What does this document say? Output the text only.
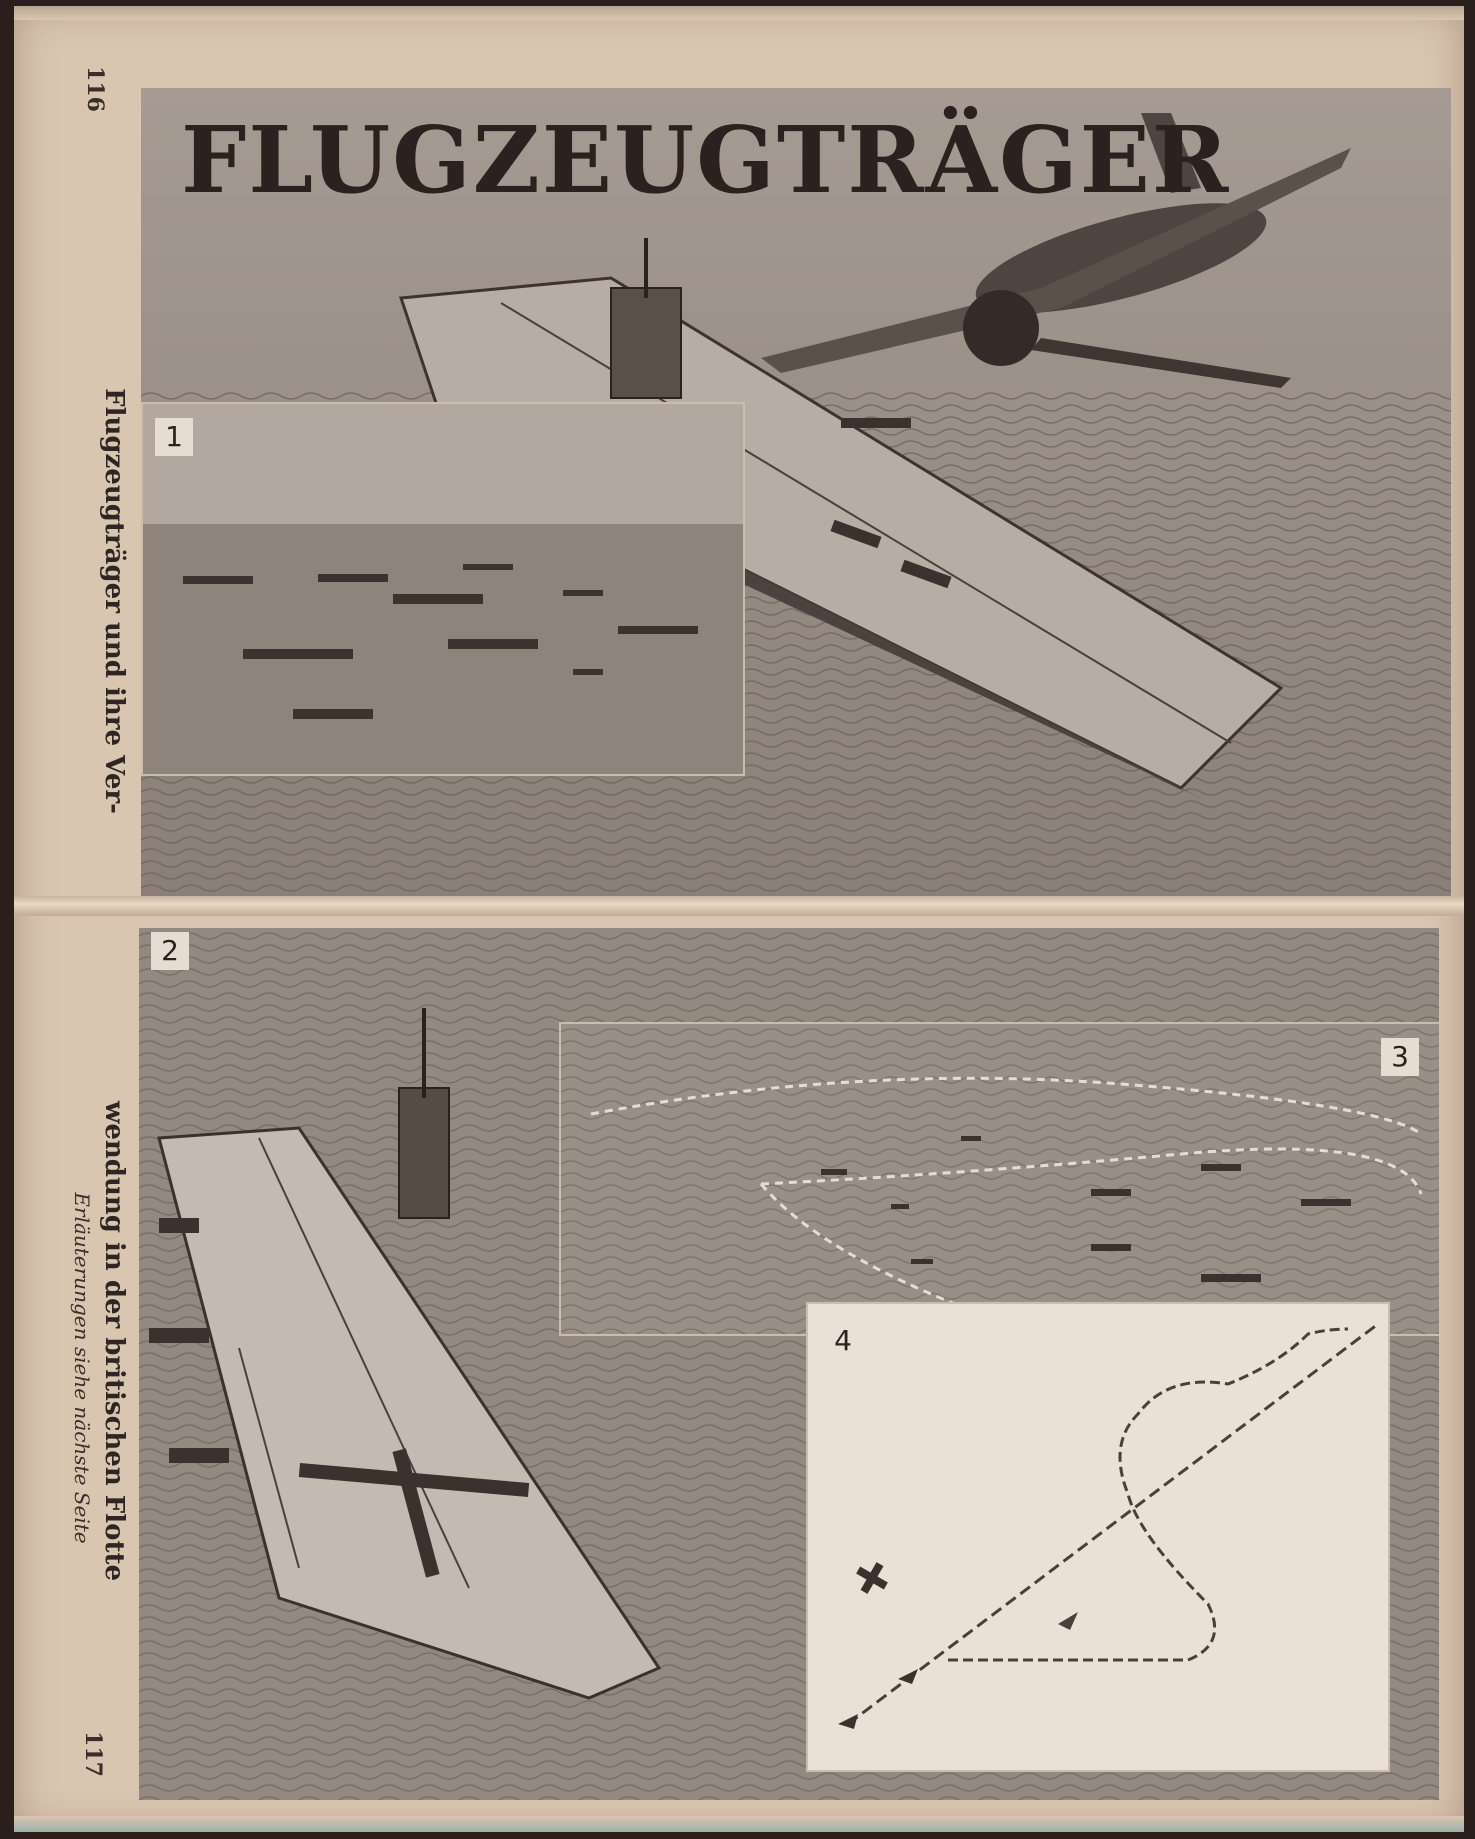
116
FLUGZEUGTRÄGER
1
3
4
2
Flugzeugträger und ihre Ver-
wendung in der britischen Flotte
Erläuterungen siehe nächste Seite
117
